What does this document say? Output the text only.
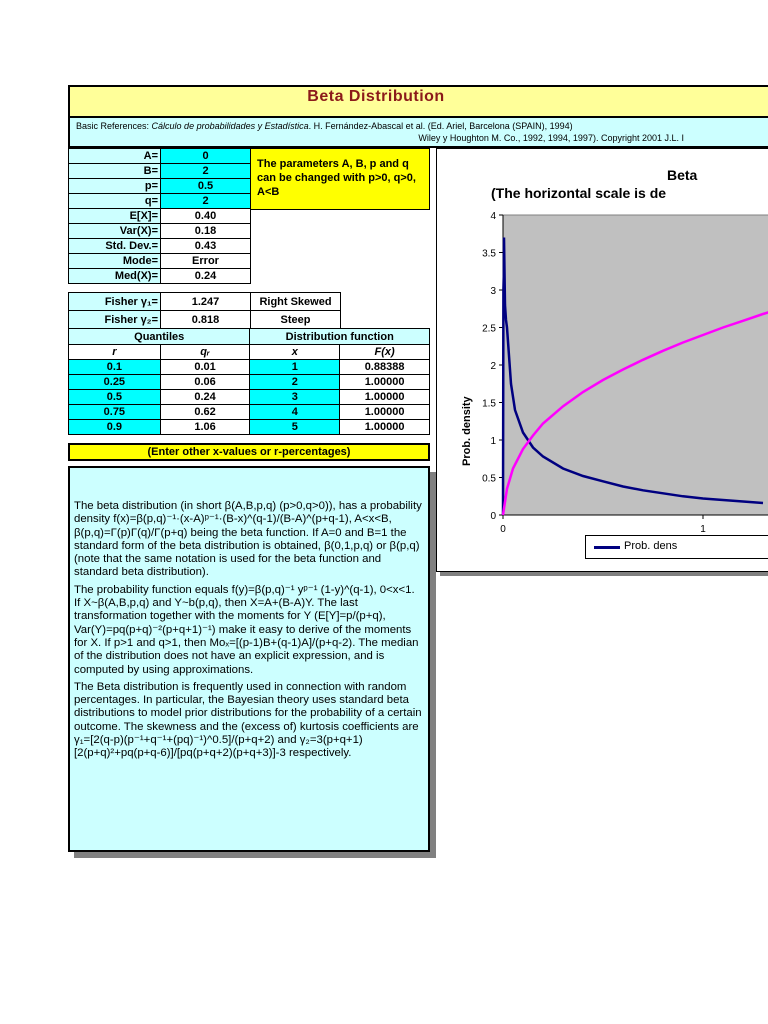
Beta Distribution
Basic References: Cálculo de probabilidades y Estadística. H. Fernández-Abascal et al. (Ed. Ariel, Barcelona (SPAIN), 1994)
Wiley y Houghton M. Co., 1992, 1994, 1997). Copyright 2001 J.L. I
A=	0
B=	2
p=	0.5
q=	2
E[X]=	0.40
Var(X)=	0.18
Std. Dev.=	0.43
Mode=	Error
Med(X)=	0.24
The parameters A, B, p and q can be changed with p>0, q>0, A<B
Fisher γ₁=	1.247	Right Skewed
Fisher γ₂=	0.818	Steep
Quantiles		Distribution function	
r	qᵣ	x	F(x)
0.1	0.01	1	0.88388
0.25	0.06	2	1.00000
0.5	0.24	3	1.00000
0.75	0.62	4	1.00000
0.9	1.06	5	1.00000
(Enter other x-values or r-percentages)

The beta distribution (in short β(A,B,p,q) (p>0,q>0)), has a probability density f(x)=β(p,q)⁻¹·(x-A)ᵖ⁻¹·(B-x)^(q-1)/(B-A)^(p+q-1), A<x<B, β(p,q)=Γ(p)Γ(q)/Γ(p+q) being the beta function. If A=0 and B=1 the standard form of the beta distribution is obtained, β(0,1,p,q) or β(p,q) (note that the same notation is used for the beta function and standard beta distribution).

The probability function equals f(y)=β(p,q)⁻¹ yᵖ⁻¹ (1-y)^(q-1), 0<x<1. If X~β(A,B,p,q) and Y~b(p,q), then X=A+(B-A)Y. The last transformation together with the moments for Y (E[Y]=p/(p+q), Var(Y)=pq(p+q)⁻²(p+q+1)⁻¹) make it easy to derive of the moments for X. If p>1 and q>1, then Moₓ=[(p-1)B+(q-1)A]/(p+q-2). The median of the distribution does not have an explicit expression, and is computed by using approximations.

The Beta distribution is frequently used in connection with random percentages. In particular, the Bayesian theory uses standard beta distributions to model prior distributions for the probability of a certain outcome. The skewness and the (excess of) kurtosis coefficients are γ₁=[2(q-p)(p⁻¹+q⁻¹+(pq)⁻¹)^0.5]/(p+q+2) and γ₂=3(p+q+1)[2(p+q)²+pq(p+q-6)]/[pq(p+q+2)(p+q+3)]-3 respectively.

Beta
(The horizontal scale is de
Prob. density
0
0.5
1
1.5
2
2.5
3
3.5
4
0	1
Prob. dens
